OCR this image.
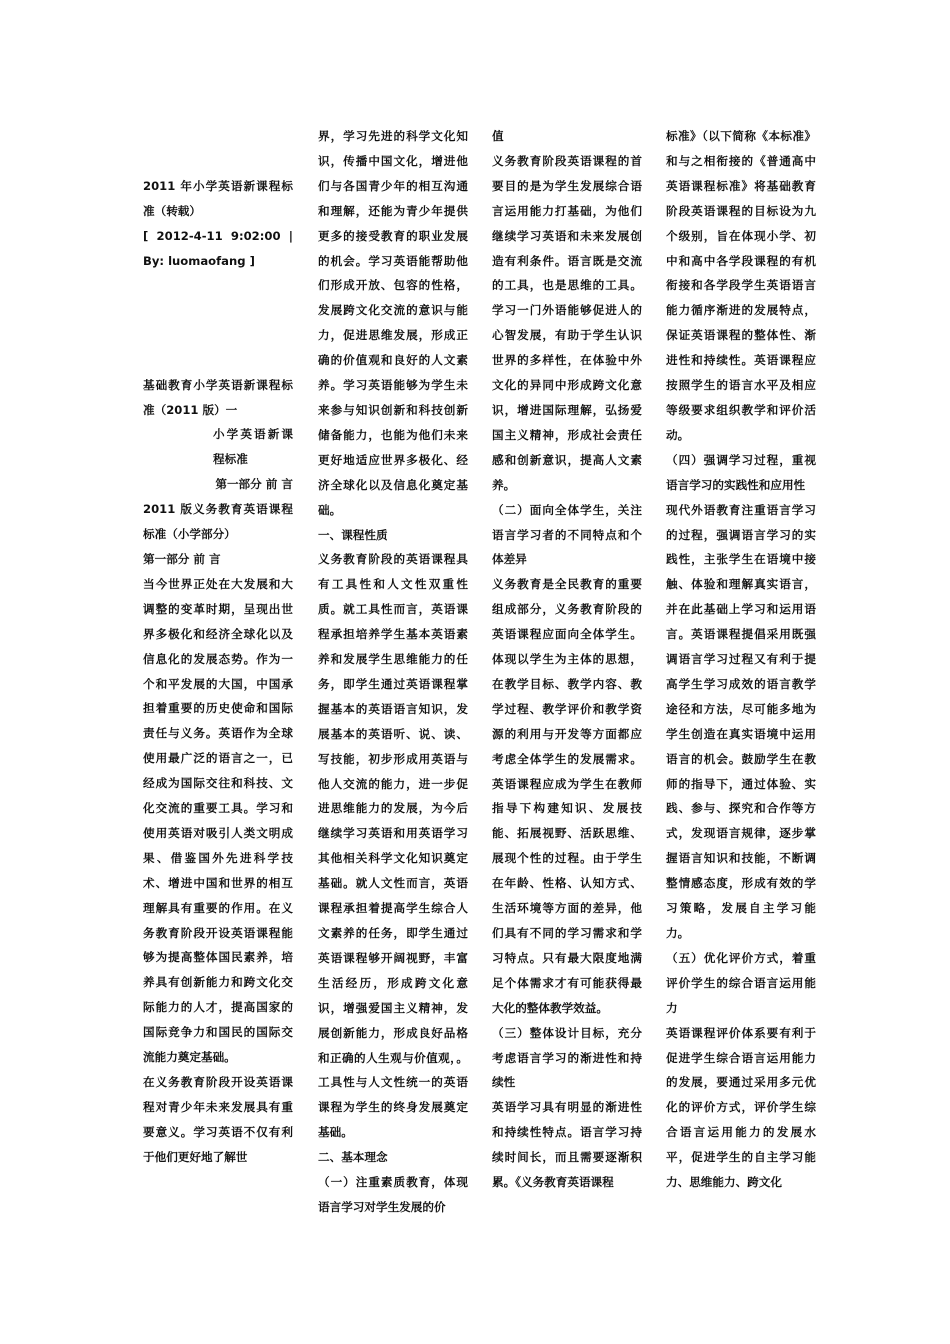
2011 年小学英语新课程标准（转载）

[ 2012-4-11 9:02:00 | By: luomaofang ]

基础教育小学英语新课程标准（2011 版）一

小学英语新课程标准

第一部分 前 言

2011 版义务教育英语课程标准（小学部分）

第一部分 前 言

当今世界正处在大发展和大调整的变革时期，呈现出世界多极化和经济全球化以及信息化的发展态势。作为一个和平发展的大国，中国承担着重要的历史使命和国际责任与义务。英语作为全球使用最广泛的语言之一，已经成为国际交往和科技、文化交流的重要工具。学习和使用英语对吸引人类文明成果、借鉴国外先进科学技术、增进中国和世界的相互理解具有重要的作用。在义务教育阶段开设英语课程能够为提高整体国民素养，培养具有创新能力和跨文化交际能力的人才，提高国家的国际竞争力和国民的国际交流能力奠定基础。

在义务教育阶段开设英语课程对青少年未来发展具有重要意义。学习英语不仅有利于他们更好地了解世

界，学习先进的科学文化知识，传播中国文化，增进他们与各国青少年的相互沟通和理解，还能为青少年提供更多的接受教育的职业发展的机会。学习英语能帮助他们形成开放、包容的性格，发展跨文化交流的意识与能力，促进思维发展，形成正确的价值观和良好的人文素养。学习英语能够为学生未来参与知识创新和科技创新储备能力，也能为他们未来更好地适应世界多极化、经济全球化以及信息化奠定基础。

一、课程性质

义务教育阶段的英语课程具有工具性和人文性双重性质。就工具性而言，英语课程承担培养学生基本英语素养和发展学生思维能力的任务，即学生通过英语课程掌握基本的英语语言知识，发展基本的英语听、说、读、写技能，初步形成用英语与他人交流的能力，进一步促进思维能力的发展，为今后继续学习英语和用英语学习其他相关科学文化知识奠定基础。就人文性而言，英语课程承担着提高学生综合人文素养的任务，即学生通过英语课程够开阔视野，丰富生活经历，形成跨文化意识，增强爱国主义精神，发展创新能力，形成良好品格和正确的人生观与价值观，。工具性与人文性统一的英语课程为学生的终身发展奠定基础。

二、基本理念

（一）注重素质教育，体现语言学习对学生发展的价

值

义务教育阶段英语课程的首要目的是为学生发展综合语言运用能力打基础，为他们继续学习英语和未来发展创造有利条件。语言既是交流的工具，也是思维的工具。学习一门外语能够促进人的心智发展，有助于学生认识世界的多样性，在体验中外文化的异同中形成跨文化意识，增进国际理解，弘扬爱国主义精神，形成社会责任感和创新意识，提高人文素养。

（二）面向全体学生，关注语言学习者的不同特点和个体差异

义务教育是全民教育的重要组成部分，义务教育阶段的英语课程应面向全体学生。体现以学生为主体的思想，在教学目标、教学内容、教学过程、教学评价和教学资源的利用与开发等方面都应考虑全体学生的发展需求。英语课程应成为学生在教师指导下构建知识、发展技能、拓展视野、活跃思维、展现个性的过程。由于学生在年龄、性格、认知方式、生活环境等方面的差异，他们具有不同的学习需求和学习特点。只有最大限度地满足个体需求才有可能获得最大化的整体教学效益。

（三）整体设计目标，充分考虑语言学习的渐进性和持续性

英语学习具有明显的渐进性和持续性特点。语言学习持续时间长，而且需要逐渐积累。《义务教育英语课程

标准》（以下简称《本标准》和与之相衔接的《普通高中英语课程标准》将基础教育阶段英语课程的目标设为九个级别，旨在体现小学、初中和高中各学段课程的有机衔接和各学段学生英语语言能力循序渐进的发展特点，保证英语课程的整体性、渐进性和持续性。英语课程应按照学生的语言水平及相应等级要求组织教学和评价活动。

（四）强调学习过程，重视语言学习的实践性和应用性

现代外语教育注重语言学习的过程，强调语言学习的实践性，主张学生在语境中接触、体验和理解真实语言，并在此基础上学习和运用语言。英语课程提倡采用既强调语言学习过程又有利于提高学生学习成效的语言教学途径和方法，尽可能多地为学生创造在真实语境中运用语言的机会。鼓励学生在教师的指导下，通过体验、实践、参与、探究和合作等方式，发现语言规律，逐步掌握语言知识和技能，不断调整情感态度，形成有效的学习策略，发展自主学习能力。

（五）优化评价方式，着重评价学生的综合语言运用能力

英语课程评价体系要有利于促进学生综合语言运用能力的发展，要通过采用多元优化的评价方式，评价学生综合语言运用能力的发展水平，促进学生的自主学习能力、思维能力、跨文化
